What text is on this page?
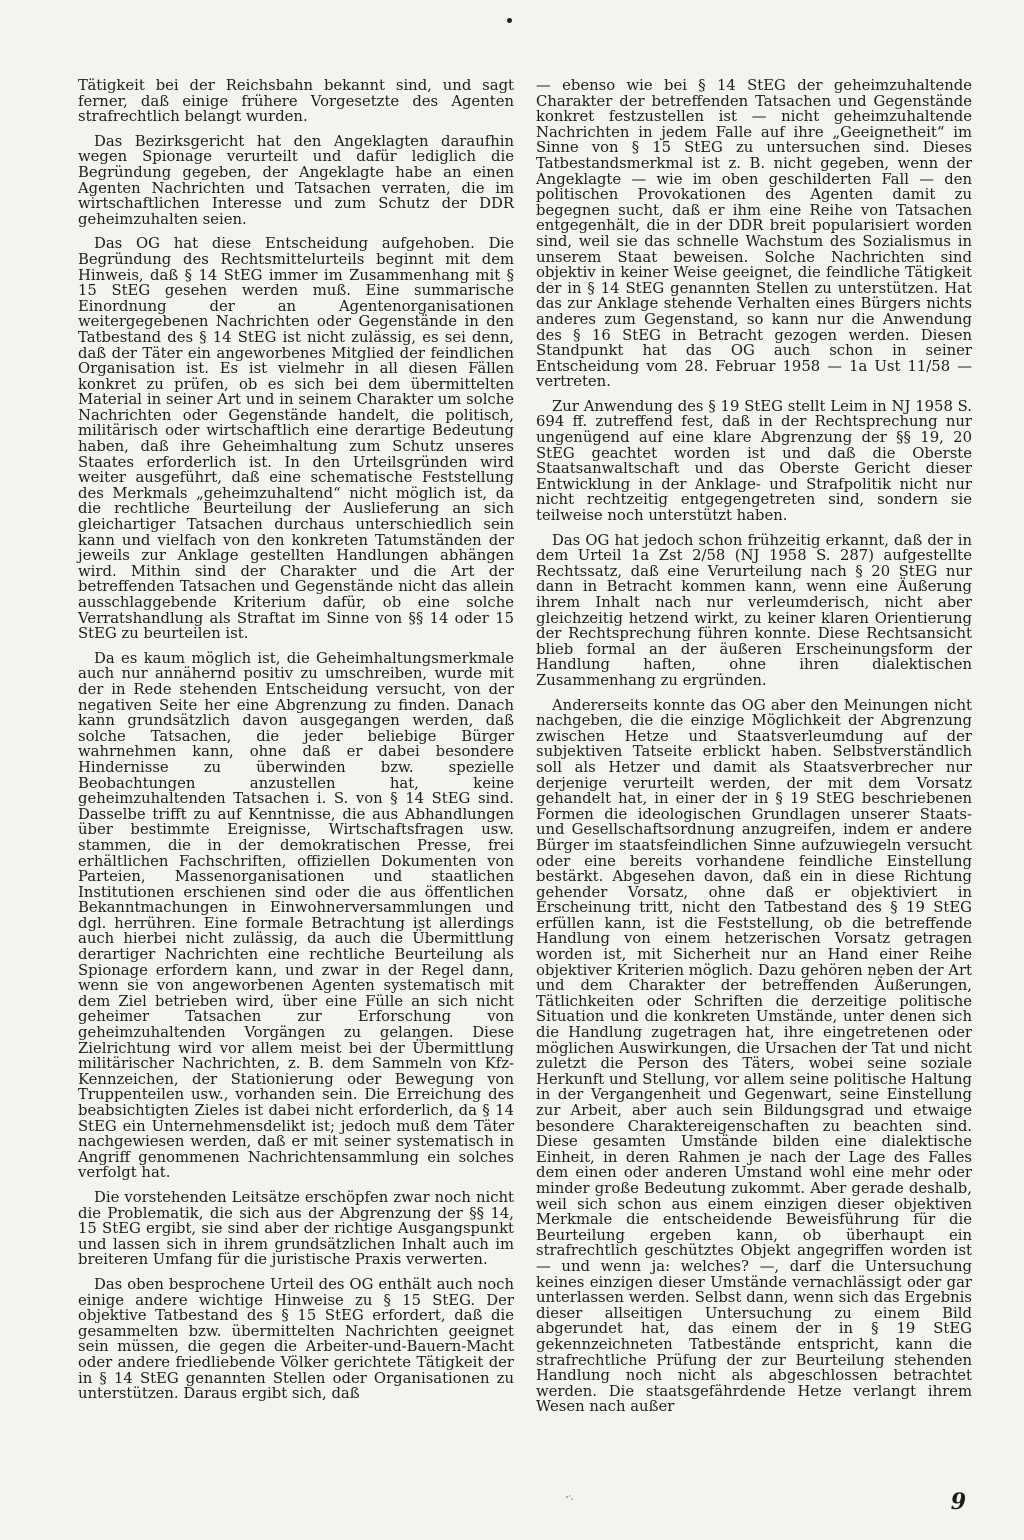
Tätigkeit bei der Reichsbahn bekannt sind, und sagt ferner, daß einige frühere Vorgesetzte des Agenten strafrechtlich belangt wurden.

Das Bezirksgericht hat den Angeklagten daraufhin wegen Spionage verurteilt und dafür lediglich die Begründung gegeben, der Angeklagte habe an einen Agenten Nachrichten und Tatsachen verraten, die im wirtschaftlichen Interesse und zum Schutz der DDR geheimzuhalten seien.

Das OG hat diese Entscheidung aufgehoben. Die Begründung des Rechtsmittelurteils beginnt mit dem Hinweis, daß § 14 StEG immer im Zusammenhang mit § 15 StEG gesehen werden muß. Eine summarische Einordnung der an Agentenorganisationen weitergegebenen Nachrichten oder Gegenstände in den Tatbestand des § 14 StEG ist nicht zulässig, es sei denn, daß der Täter ein angeworbenes Mitglied der feindlichen Organisation ist. Es ist vielmehr in all diesen Fällen konkret zu prüfen, ob es sich bei dem übermittelten Material in seiner Art und in seinem Charakter um solche Nachrichten oder Gegenstände handelt, die politisch, militärisch oder wirtschaftlich eine derartige Bedeutung haben, daß ihre Geheimhaltung zum Schutz unseres Staates erforderlich ist. In den Urteilsgründen wird weiter ausgeführt, daß eine schematische Feststellung des Merkmals „geheimzuhaltend“ nicht möglich ist, da die rechtliche Beurteilung der Auslieferung an sich gleichartiger Tatsachen durchaus unterschiedlich sein kann und vielfach von den konkreten Tatumständen der jeweils zur Anklage gestellten Handlungen abhängen wird. Mithin sind der Charakter und die Art der betreffenden Tatsachen und Gegenstände nicht das allein ausschlaggebende Kriterium dafür, ob eine solche Verratshandlung als Straftat im Sinne von §§ 14 oder 15 StEG zu beurteilen ist.

Da es kaum möglich ist, die Geheimhaltungsmerkmale auch nur annähernd positiv zu umschreiben, wurde mit der in Rede stehenden Entscheidung versucht, von der negativen Seite her eine Abgrenzung zu finden. Danach kann grundsätzlich davon ausgegangen werden, daß solche Tatsachen, die jeder beliebige Bürger wahrnehmen kann, ohne daß er dabei besondere Hindernisse zu überwinden bzw. spezielle Beobachtungen anzustellen hat, keine geheimzuhaltenden Tatsachen i. S. von § 14 StEG sind. Dasselbe trifft zu auf Kenntnisse, die aus Abhandlungen über bestimmte Ereignisse, Wirtschaftsfragen usw. stammen, die in der demokratischen Presse, frei erhältlichen Fachschriften, offiziellen Dokumenten von Parteien, Massenorganisationen und staatlichen Institutionen erschienen sind oder die aus öffentlichen Bekanntmachungen in Einwohnerversammlungen und dgl. herrühren. Eine formale Betrachtung ist allerdings auch hierbei nicht zulässig, da auch die Übermittlung derartiger Nachrichten eine rechtliche Beurteilung als Spionage erfordern kann, und zwar in der Regel dann, wenn sie von angeworbenen Agenten systematisch mit dem Ziel betrieben wird, über eine Fülle an sich nicht geheimer Tatsachen zur Erforschung von geheimzuhaltenden Vorgängen zu gelangen. Diese Zielrichtung wird vor allem meist bei der Übermittlung militärischer Nachrichten, z. B. dem Sammeln von Kfz-Kennzeichen, der Stationierung oder Bewegung von Truppenteilen usw., vorhanden sein. Die Erreichung des beabsichtigten Zieles ist dabei nicht erforderlich, da § 14 StEG ein Unternehmensdelikt ist; jedoch muß dem Täter nachgewiesen werden, daß er mit seiner systematisch in Angriff genommenen Nachrichtensammlung ein solches verfolgt hat.

Die vorstehenden Leitsätze erschöpfen zwar noch nicht die Problematik, die sich aus der Abgrenzung der §§ 14, 15 StEG ergibt, sie sind aber der richtige Ausgangspunkt und lassen sich in ihrem grundsätzlichen Inhalt auch im breiteren Umfang für die juristische Praxis verwerten.

Das oben besprochene Urteil des OG enthält auch noch einige andere wichtige Hinweise zu § 15 StEG. Der objektive Tatbestand des § 15 StEG erfordert, daß die gesammelten bzw. übermittelten Nachrichten geeignet sein müssen, die gegen die Arbeiter-und-Bauern-Macht oder andere friedliebende Völker gerichtete Tätigkeit der in § 14 StEG genannten Stellen oder Organisationen zu unterstützen. Daraus ergibt sich, daß

— ebenso wie bei § 14 StEG der geheimzuhaltende Charakter der betreffenden Tatsachen und Gegenstände konkret festzustellen ist — nicht geheimzuhaltende Nachrichten in jedem Falle auf ihre „Geeignetheit“ im Sinne von § 15 StEG zu untersuchen sind. Dieses Tatbestandsmerkmal ist z. B. nicht gegeben, wenn der Angeklagte — wie im oben geschilderten Fall — den politischen Provokationen des Agenten damit zu begegnen sucht, daß er ihm eine Reihe von Tatsachen entgegenhält, die in der DDR breit popularisiert worden sind, weil sie das schnelle Wachstum des Sozialismus in unserem Staat beweisen. Solche Nachrichten sind objektiv in keiner Weise geeignet, die feindliche Tätigkeit der in § 14 StEG genannten Stellen zu unterstützen. Hat das zur Anklage stehende Verhalten eines Bürgers nichts anderes zum Gegenstand, so kann nur die Anwendung des § 16 StEG in Betracht gezogen werden. Diesen Standpunkt hat das OG auch schon in seiner Entscheidung vom 28. Februar 1958 — 1a Ust 11/58 — vertreten.

Zur Anwendung des § 19 StEG stellt Leim in NJ 1958 S. 694 ff. zutreffend fest, daß in der Rechtsprechung nur ungenügend auf eine klare Abgrenzung der §§ 19, 20 StEG geachtet worden ist und daß die Oberste Staatsanwaltschaft und das Oberste Gericht dieser Entwicklung in der Anklage- und Strafpolitik nicht nur nicht rechtzeitig entgegengetreten sind, sondern sie teilweise noch unterstützt haben.

Das OG hat jedoch schon frühzeitig erkannt, daß der in dem Urteil 1a Zst 2/58 (NJ 1958 S. 287) aufgestellte Rechtssatz, daß eine Verurteilung nach § 20 StEG nur dann in Betracht kommen kann, wenn eine Äußerung ihrem Inhalt nach nur verleumderisch, nicht aber gleichzeitig hetzend wirkt, zu keiner klaren Orientierung der Rechtsprechung führen konnte. Diese Rechtsansicht blieb formal an der äußeren Erscheinungsform der Handlung haften, ohne ihren dialektischen Zusammenhang zu ergründen.

Andererseits konnte das OG aber den Meinungen nicht nachgeben, die die einzige Möglichkeit der Abgrenzung zwischen Hetze und Staatsverleumdung auf der subjektiven Tatseite erblickt haben. Selbstverständlich soll als Hetzer und damit als Staatsverbrecher nur derjenige verurteilt werden, der mit dem Vorsatz gehandelt hat, in einer der in § 19 StEG beschriebenen Formen die ideologischen Grundlagen unserer Staats- und Gesellschaftsordnung anzugreifen, indem er andere Bürger im staatsfeindlichen Sinne aufzuwiegeln versucht oder eine bereits vorhandene feindliche Einstellung bestärkt. Abgesehen davon, daß ein in diese Richtung gehender Vorsatz, ohne daß er objektiviert in Erscheinung tritt, nicht den Tatbestand des § 19 StEG erfüllen kann, ist die Feststellung, ob die betreffende Handlung von einem hetzerischen Vorsatz getragen worden ist, mit Sicherheit nur an Hand einer Reihe objektiver Kriterien möglich. Dazu gehören neben der Art und dem Charakter der betreffenden Äußerungen, Tätlichkeiten oder Schriften die derzeitige politische Situation und die konkreten Umstände, unter denen sich die Handlung zugetragen hat, ihre eingetretenen oder möglichen Auswirkungen, die Ursachen der Tat und nicht zuletzt die Person des Täters, wobei seine soziale Herkunft und Stellung, vor allem seine politische Haltung in der Vergangenheit und Gegenwart, seine Einstellung zur Arbeit, aber auch sein Bildungsgrad und etwaige besondere Charaktereigenschaften zu beachten sind. Diese gesamten Umstände bilden eine dialektische Einheit, in deren Rahmen je nach der Lage des Falles dem einen oder anderen Umstand wohl eine mehr oder minder große Bedeutung zukommt. Aber gerade deshalb, weil sich schon aus einem einzigen dieser objektiven Merkmale die entscheidende Beweisführung für die Beurteilung ergeben kann, ob überhaupt ein strafrechtlich geschütztes Objekt angegriffen worden ist — und wenn ja: welches? —, darf die Untersuchung keines einzigen dieser Umstände vernachlässigt oder gar unterlassen werden. Selbst dann, wenn sich das Ergebnis dieser allseitigen Untersuchung zu einem Bild abgerundet hat, das einem der in § 19 StEG gekennzeichneten Tatbestände entspricht, kann die strafrechtliche Prüfung der zur Beurteilung stehenden Handlung noch nicht als abgeschlossen betrachtet werden. Die staatsgefährdende Hetze verlangt ihrem Wesen nach außer

9
